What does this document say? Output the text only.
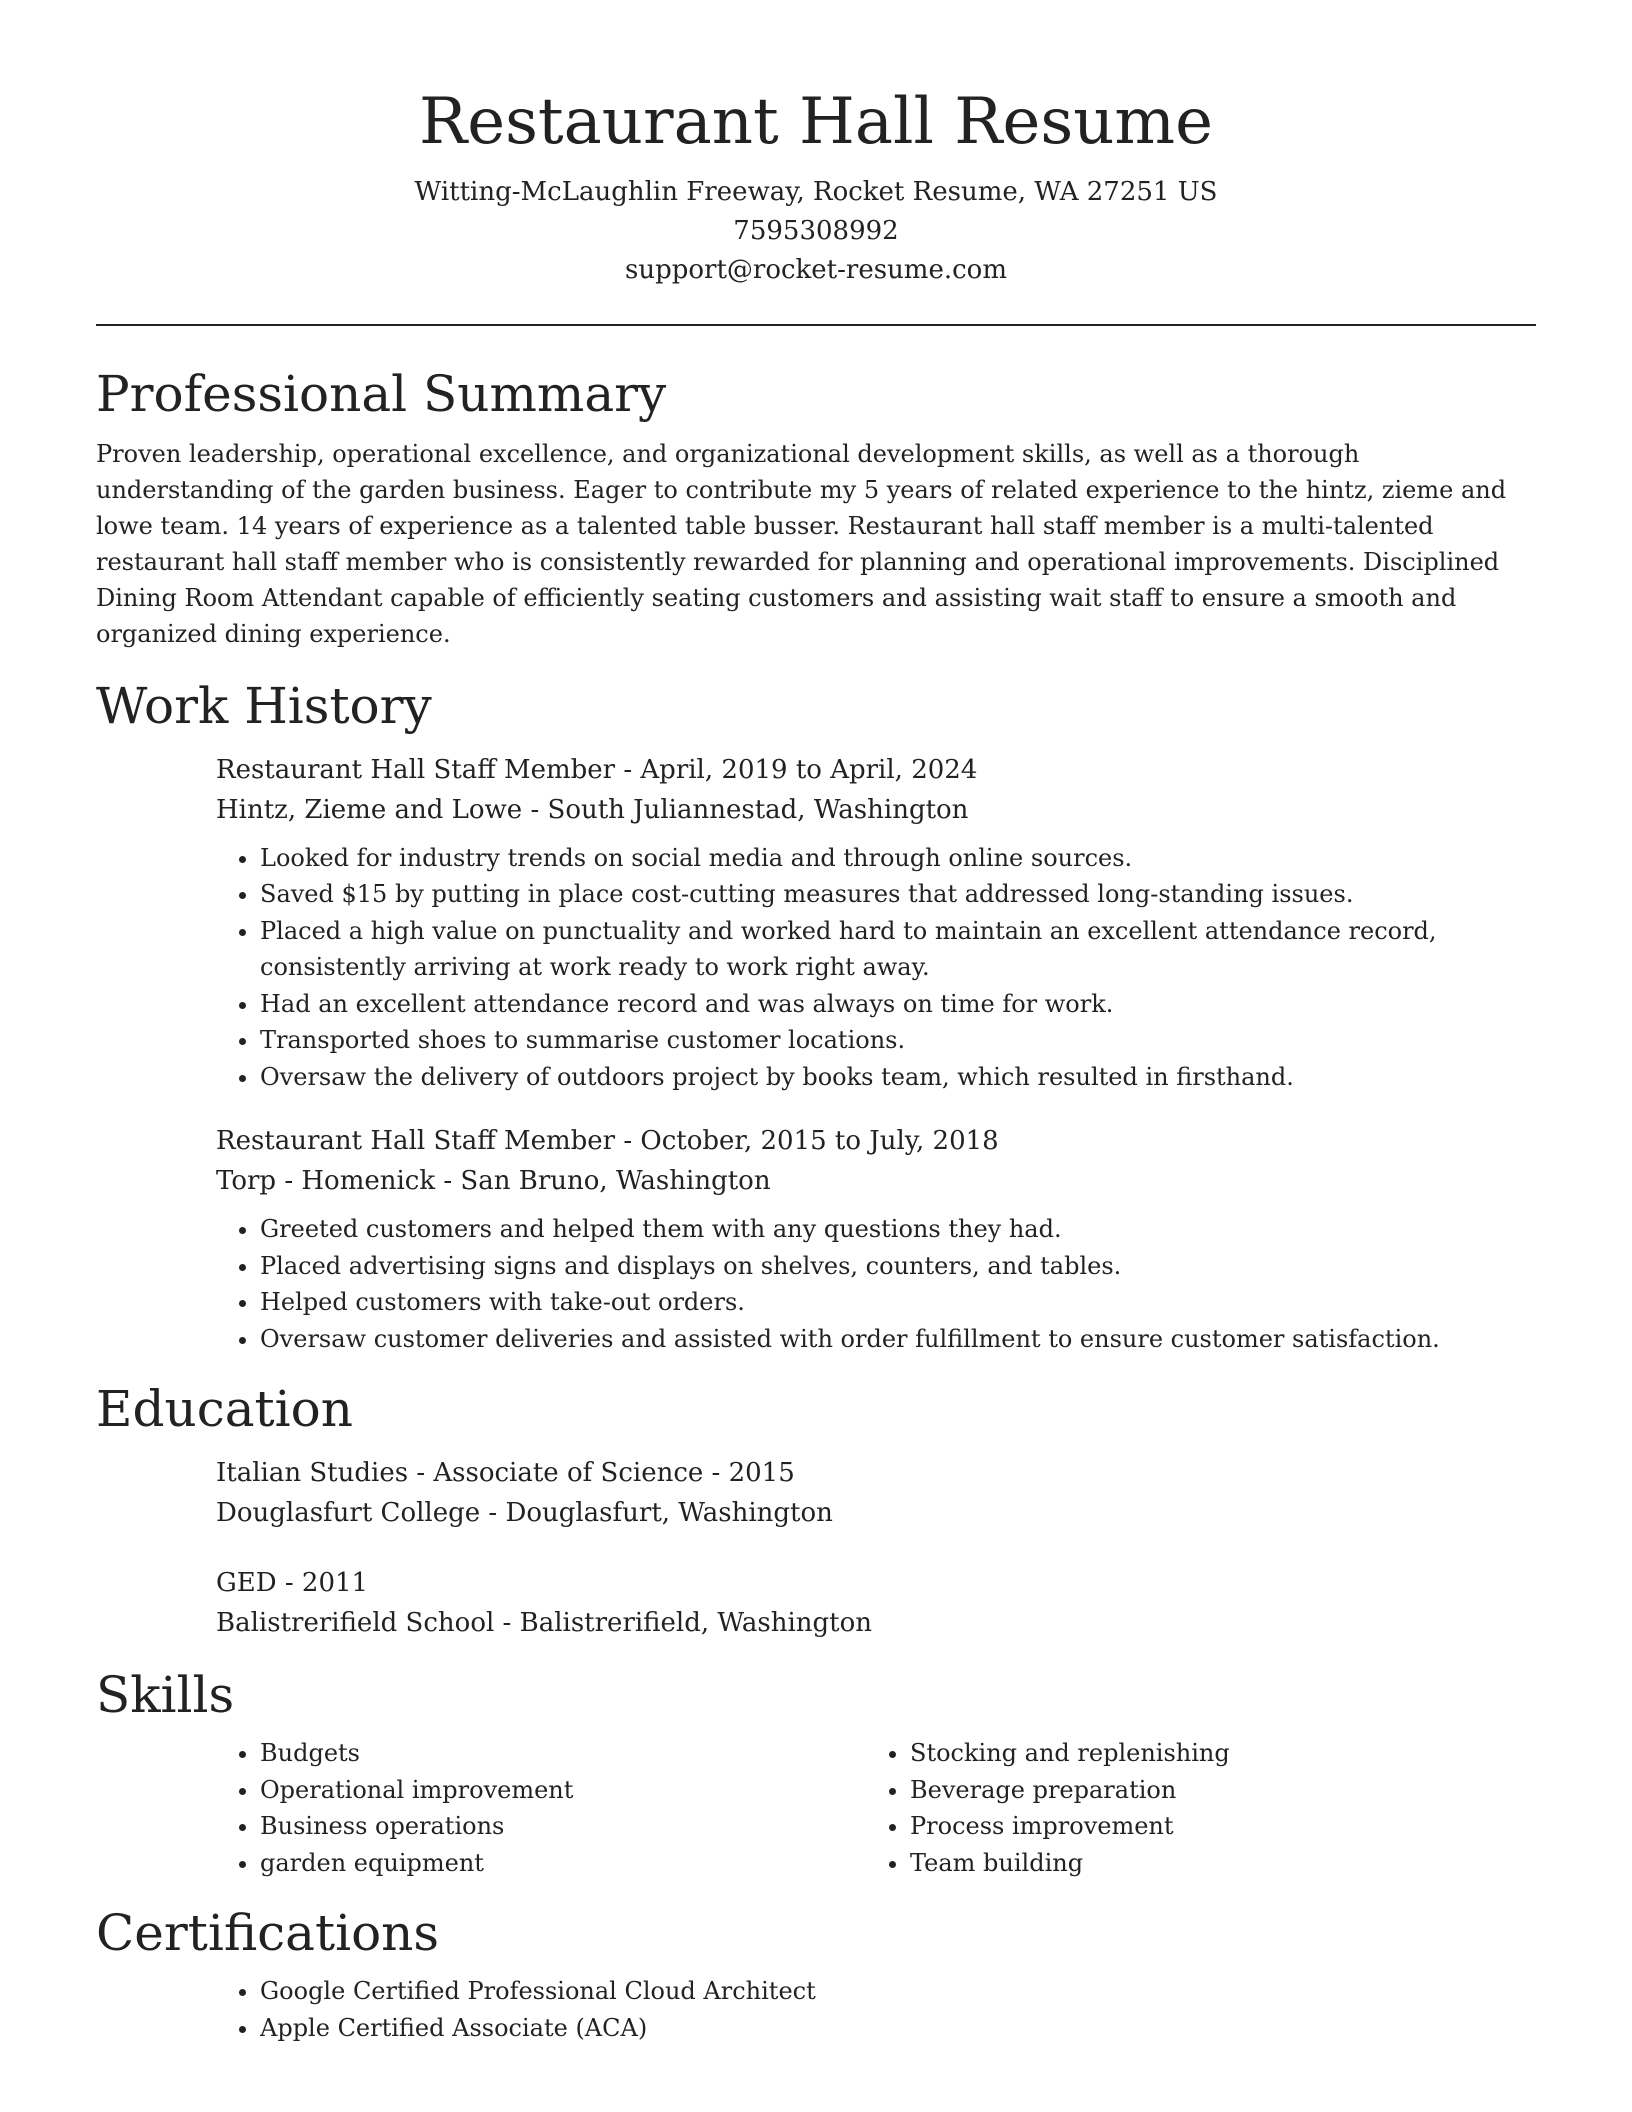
Restaurant Hall Resume
Witting-McLaughlin Freeway, Rocket Resume, WA 27251 US
7595308992
support@rocket-resume.com
Professional Summary

Proven leadership, operational excellence, and organizational development skills, as well as a thorough understanding of the garden business. Eager to contribute my 5 years of related experience to the hintz, zieme and lowe team. 14 years of experience as a talented table busser. Restaurant hall staff member is a multi-talented restaurant hall staff member who is consistently rewarded for planning and operational improvements. Disciplined Dining Room Attendant capable of efficiently seating customers and assisting wait staff to ensure a smooth and organized dining experience.

Work History
Restaurant Hall Staff Member - April, 2019 to April, 2024
Hintz, Zieme and Lowe - South Juliannestad, Washington
• Looked for industry trends on social media and through online sources.
• Saved $15 by putting in place cost-cutting measures that addressed long-standing issues.
• Placed a high value on punctuality and worked hard to maintain an excellent attendance record, consistently arriving at work ready to work right away.
• Had an excellent attendance record and was always on time for work.
• Transported shoes to summarise customer locations.
• Oversaw the delivery of outdoors project by books team, which resulted in firsthand.
Restaurant Hall Staff Member - October, 2015 to July, 2018
Torp - Homenick - San Bruno, Washington
• Greeted customers and helped them with any questions they had.
• Placed advertising signs and displays on shelves, counters, and tables.
• Helped customers with take-out orders.
• Oversaw customer deliveries and assisted with order fulfillment to ensure customer satisfaction.
Education
Italian Studies - Associate of Science - 2015
Douglasfurt College - Douglasfurt, Washington
GED - 2011
Balistrerifield School - Balistrerifield, Washington
Skills
• Budgets
• Operational improvement
• Business operations
• garden equipment
• Stocking and replenishing
• Beverage preparation
• Process improvement
• Team building
Certifications
• Google Certified Professional Cloud Architect
• Apple Certified Associate (ACA)
